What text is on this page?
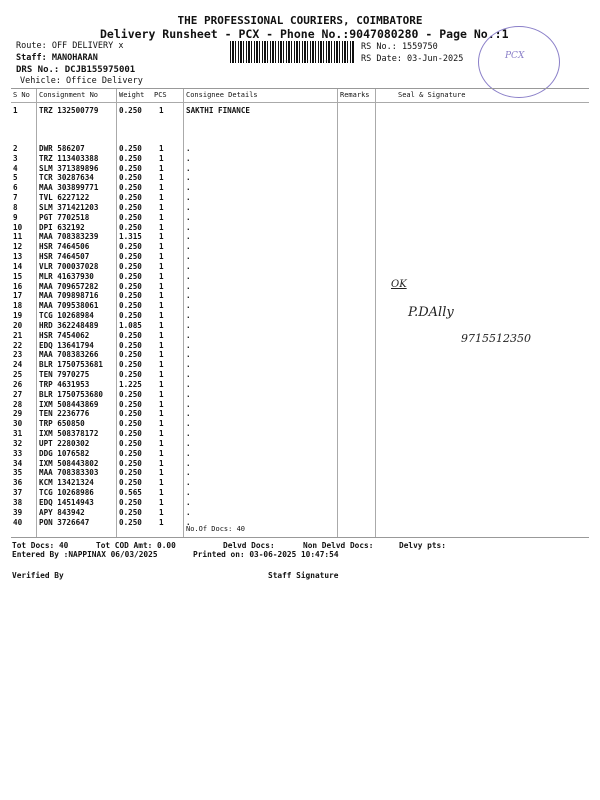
THE PROFESSIONAL COURIERS, COIMBATORE
Delivery Runsheet - PCX - Phone No.:9047080280 - Page No.:1
Route: OFF DELIVERY x
Staff: MANOHARAN
DRS No.: DCJB155975001
Vehicle: Office Delivery
RS No.: 1559750
RS Date: 03-Jun-2025	PCX
S No Consignment No	Weight PCS	Consignee Details	Remarks	Seal & Signature
1	TRZ 132500779	0.250 1	SAKTHI FINANCE
2	DWR 586207	0.250 1	.
3	TRZ 113403388	0.250 1	.
4	SLM 371389896	0.250 1	.
5	TCR 30287634	0.250 1	.
6	MAA 303899771	0.250 1	.
7	TVL 6227122	0.250 1	.
8	SLM 371421203	0.250 1	.
9	PGT 7702518	0.250 1	.
10 DPI 632192	0.250 1	.
11 MAA 708383239	1.315 1	.
12 HSR 7464506	0.250 1	.
13 HSR 7464507	0.250 1	.
14 VLR 700037028	0.250 1	.
15 MLR 41637930	0.250 1	.
16 MAA 709657282	0.250 1	.
17 MAA 709898716	0.250 1	.
18 MAA 709538061	0.250 1	.
19 TCG 10268984	0.250 1	.
20 HRD 362248489	1.085 1	.
21 HSR 7454062	0.250 1	.
22 EDQ 13641794	0.250 1	.
23 MAA 708383266	0.250 1	.
24 BLR 1750753681 0.250 1	.
25 TEN 7970275	0.250 1	.
26 TRP 4631953	1.225 1	.
27 BLR 1750753680 0.250 1	.
28 IXM 508443869	0.250 1	.
29 TEN 2236776	0.250 1	.
30 TRP 650850	0.250 1	.
31 IXM 508378172	0.250 1	.
32 UPT 2280302	0.250 1	.
33 DDG 1076582	0.250 1	.
34 IXM 508443802	0.250 1	.
35 MAA 708383303	0.250 1	.
36 KCM 13421324	0.250 1	.
37 TCG 10268986	0.565 1	.
38 EDQ 14514943	0.250 1	.
39 APY 843942	0.250 1	.
40 PON 3726647	0.250 1	.
No.Of Docs: 40
OK
P.DAlly
9715512350
Tot Docs: 40	Tot COD Amt: 0.00	Delvd Docs:	Non Delvd Docs:	Delvy pts:
Entered By :NAPPINAX 06/03/2025	Printed on: 03-06-2025 10:47:54
Verified By	Staff Signature
